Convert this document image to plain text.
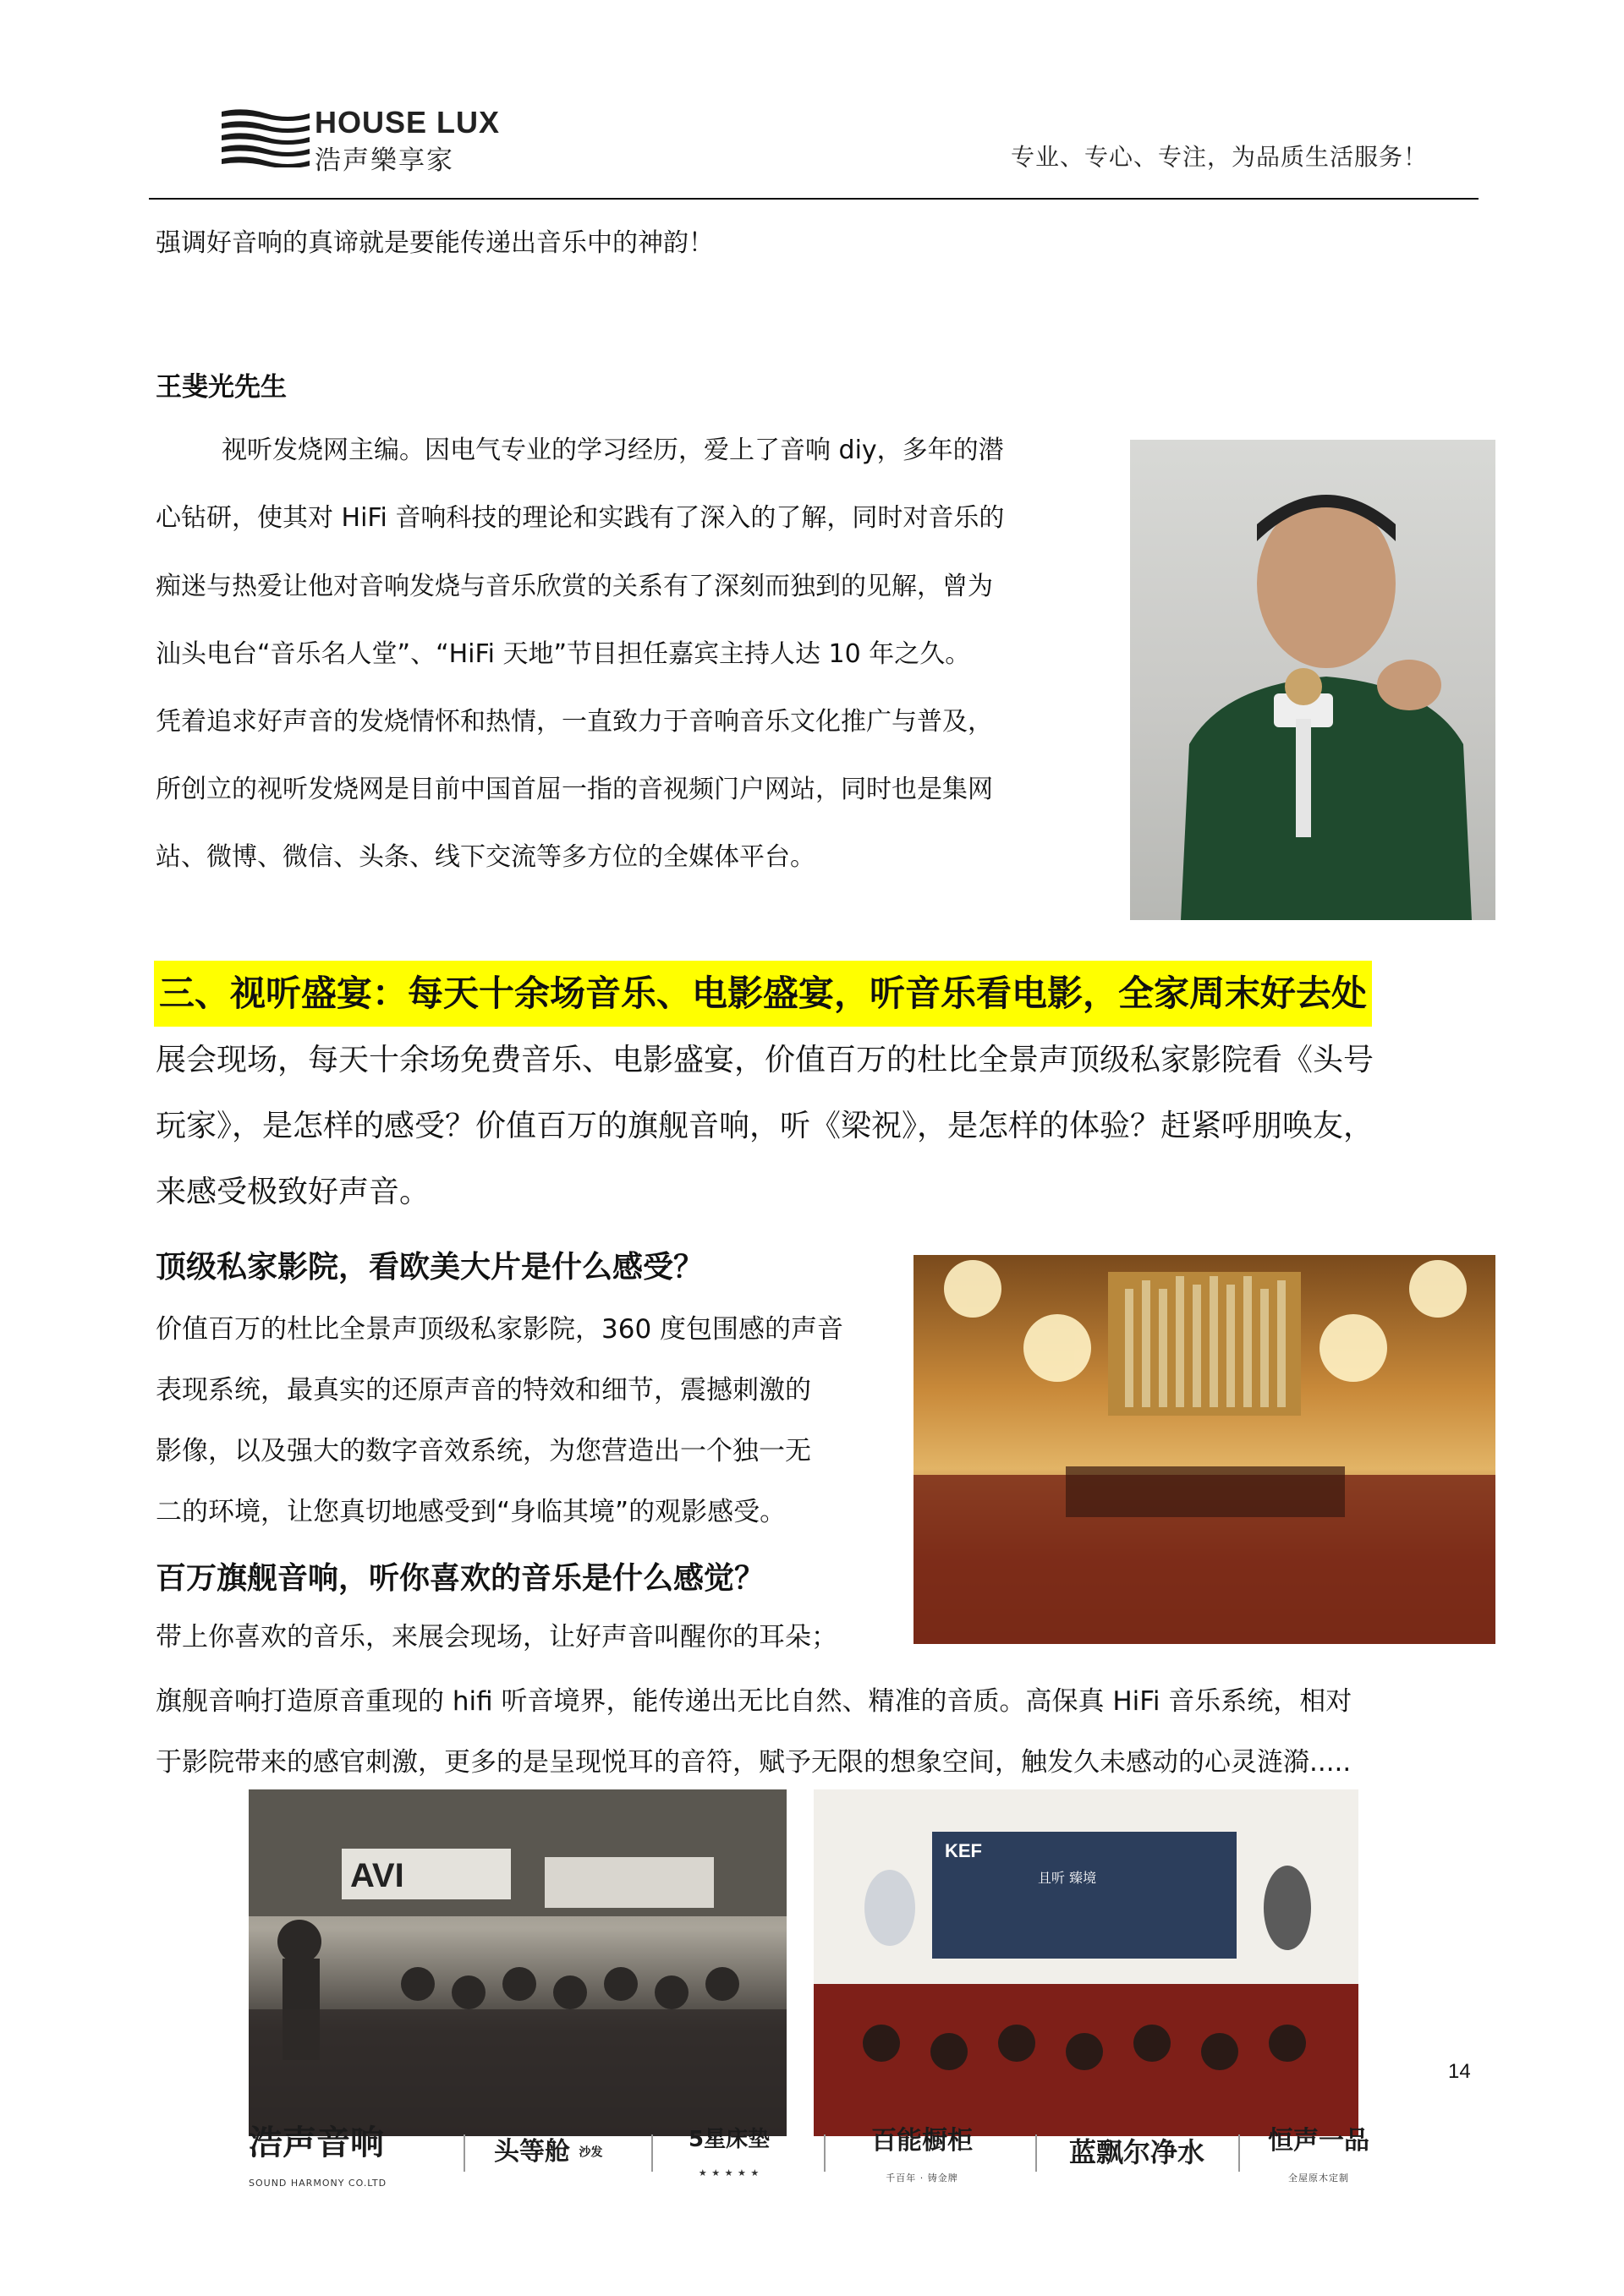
HOUSE LUX
浩声樂享家	专业、专心、专注，为品质生活服务！
强调好音响的真谛就是要能传递出音乐中的神韵！
王斐光先生
视听发烧网主编。因电气专业的学习经历，爱上了音响 diy，多年的潜
心钻研，使其对 HiFi 音响科技的理论和实践有了深入的了解，同时对音乐的
痴迷与热爱让他对音响发烧与音乐欣赏的关系有了深刻而独到的见解，曾为
汕头电台“音乐名人堂”、“HiFi 天地”节目担任嘉宾主持人达 10 年之久。
凭着追求好声音的发烧情怀和热情，一直致力于音响音乐文化推广与普及，
所创立的视听发烧网是目前中国首屈一指的音视频门户网站，同时也是集网
站、微博、微信、头条、线下交流等多方位的全媒体平台。
三、视听盛宴：每天十余场音乐、电影盛宴，听音乐看电影，全家周末好去处
展会现场，每天十余场免费音乐、电影盛宴，价值百万的杜比全景声顶级私家影院看《头号
玩家》，是怎样的感受？价值百万的旗舰音响，听《梁祝》，是怎样的体验？赶紧呼朋唤友，
来感受极致好声音。
顶级私家影院，看欧美大片是什么感受？
价值百万的杜比全景声顶级私家影院，360 度包围感的声音
表现系统，最真实的还原声音的特效和细节，震撼刺激的
影像，以及强大的数字音效系统，为您营造出一个独一无
二的环境，让您真切地感受到“身临其境”的观影感受。
百万旗舰音响，听你喜欢的音乐是什么感觉？
带上你喜欢的音乐，来展会现场，让好声音叫醒你的耳朵；
旗舰音响打造原音重现的 hifi 听音境界，能传递出无比自然、精准的音质。高保真 HiFi 音乐系统，相对
于影院带来的感官刺激，更多的是呈现悦耳的音符，赋予无限的想象空间，触发久未感动的心灵涟漪.....
AVI
KEF
且听 臻境
14
浩声音响
SOUND HARMONY CO.LTD
头等舱 沙发
5星床垫
★ ★ ★ ★ ★
百能橱柜
千百年 · 铸金牌
蓝飘尔净水 恒声一品
全屋原木定制
